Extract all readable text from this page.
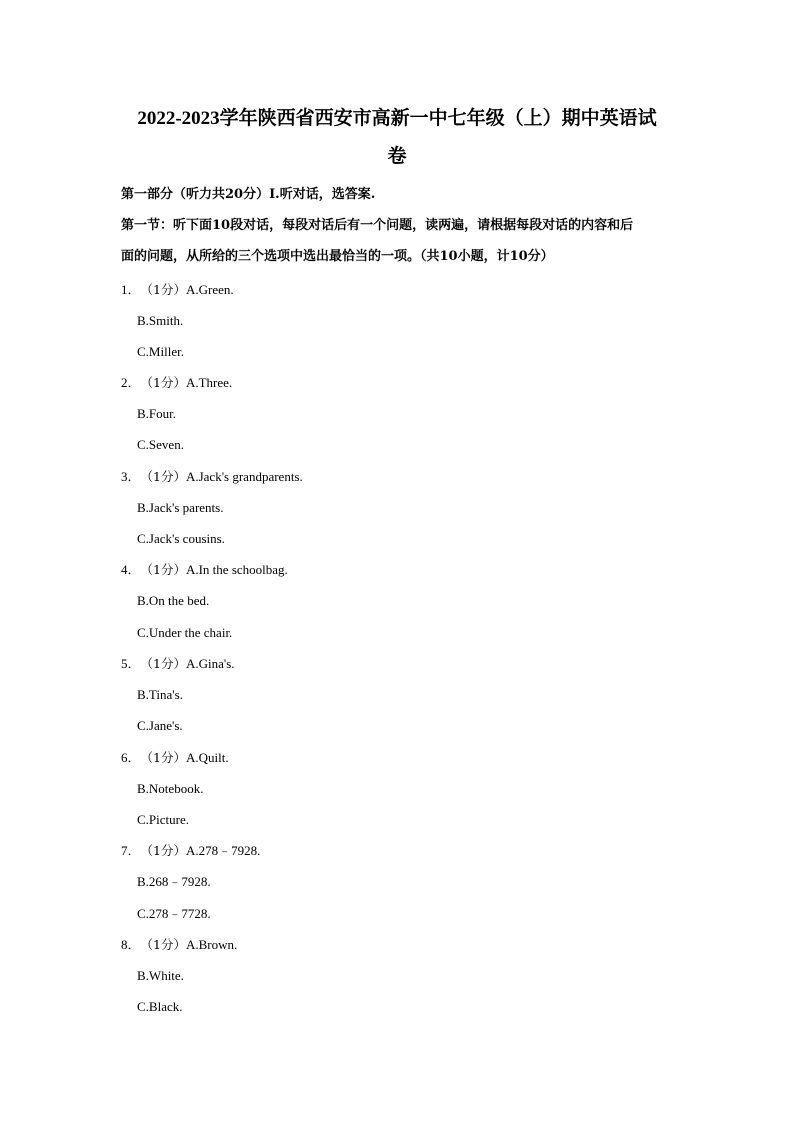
2022-2023学年陕西省西安市高新一中七年级（上）期中英语试
卷
第一部分（听力共20分）Ⅰ.听对话，选答案.
第一节：听下面10段对话，每段对话后有一个问题，读两遍，请根据每段对话的内容和后
面的问题，从所给的三个选项中选出最恰当的一项。（共10小题，计10分）
1．（1分）A.Green.
B.Smith.
C.Miller.
2．（1分）A.Three.
B.Four.
C.Seven.
3．（1分）A.Jack's grandparents.
B.Jack's parents.
C.Jack's cousins.
4．（1分）A.In the schoolbag.
B.On the bed.
C.Under the chair.
5．（1分）A.Gina's.
B.Tina's.
C.Jane's.
6．（1分）A.Quilt.
B.Notebook.
C.Picture.
7．（1分）A.278﹣7928.
B.268﹣7928.
C.278﹣7728.
8．（1分）A.Brown.
B.White.
C.Black.
